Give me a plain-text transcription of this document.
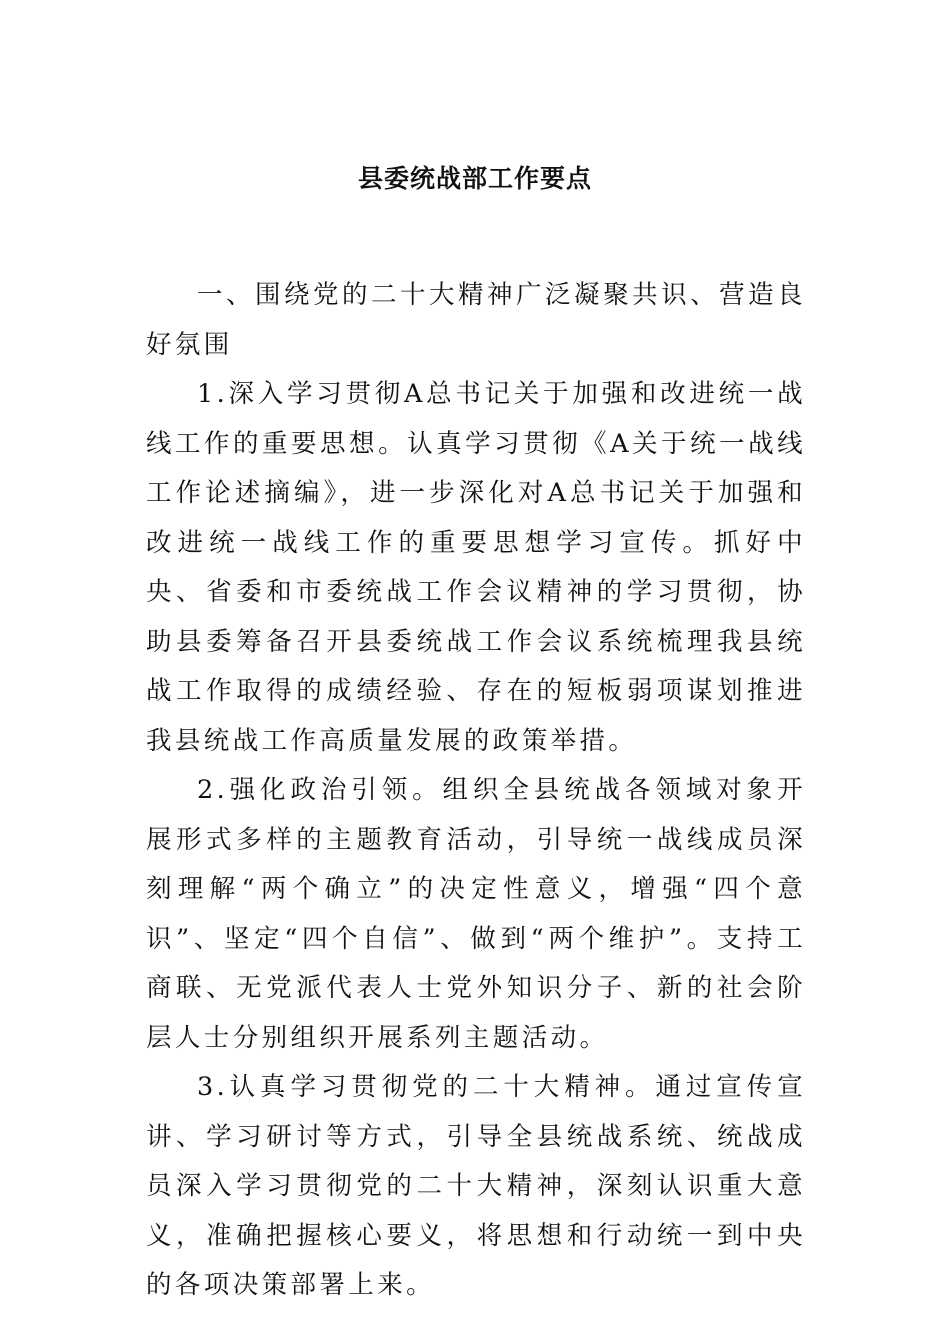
县委统战部工作要点

一、围绕党的二十大精神广泛凝聚共识、营造良好氛围

1.深入学习贯彻A总书记关于加强和改进统一战线工作的重要思想。认真学习贯彻《A关于统一战线工作论述摘编》，进一步深化对A总书记关于加强和改进统一战线工作的重要思想学习宣传。抓好中央、省委和市委统战工作会议精神的学习贯彻，协助县委筹备召开县委统战工作会议系统梳理我县统战工作取得的成绩经验、存在的短板弱项谋划推进我县统战工作高质量发展的政策举措。

2.强化政治引领。组织全县统战各领域对象开展形式多样的主题教育活动，引导统一战线成员深刻理解“两个确立”的决定性意义，增强“四个意识”、坚定“四个自信”、做到“两个维护”。支持工商联、无党派代表人士党外知识分子、新的社会阶层人士分别组织开展系列主题活动。

3.认真学习贯彻党的二十大精神。通过宣传宣讲、学习研讨等方式，引导全县统战系统、统战成员深入学习贯彻党的二十大精神，深刻认识重大意义，准确把握核心要义，将思想和行动统一到中央的各项决策部署上来。
